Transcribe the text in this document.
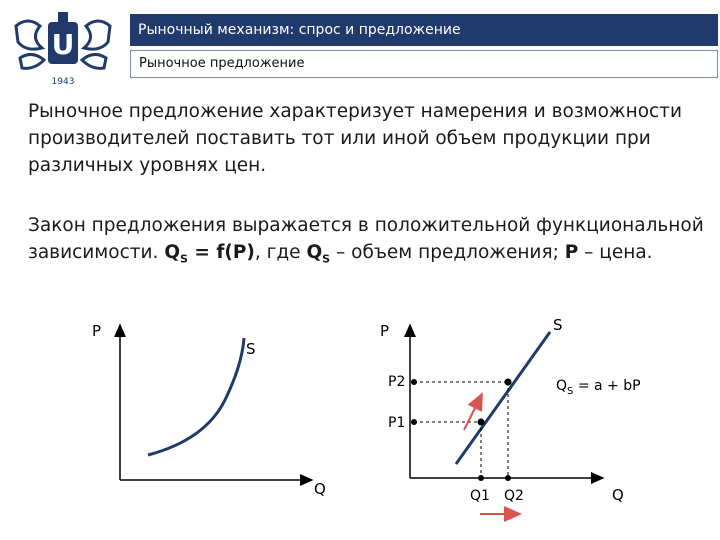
U
1943
Рыночный механизм: спрос и предложение
Рыночное предложение
Рыночное предложение характеризует намерения и возможности производителей поставить тот или иной объем продукции при различных уровнях цен.
Закон предложения выражается в положительной функциональной зависимости. $Q_S = f(P)$, где $Q_S$ – объем предложения; P – цена.
P
S
Q
P	S
P2
P1
Q1 Q2	Q
$Q_S = a$ + bP
